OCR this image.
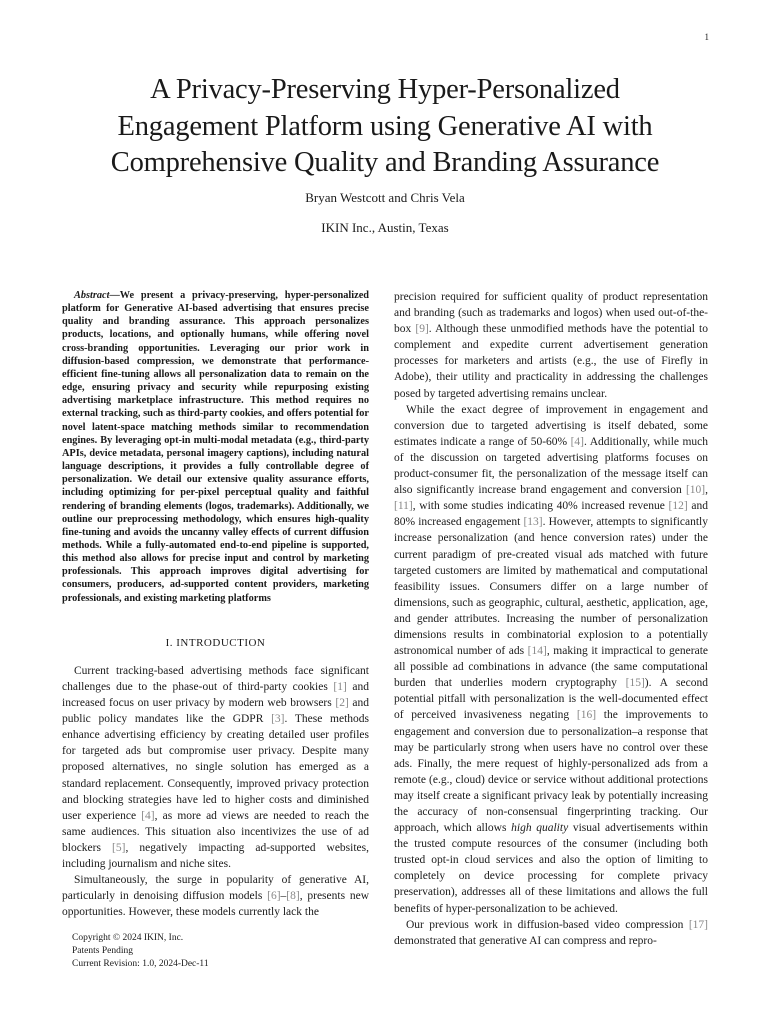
1
A Privacy-Preserving Hyper-Personalized
Engagement Platform using Generative AI with
Comprehensive Quality and Branding Assurance
Bryan Westcott and Chris Vela
IKIN Inc., Austin, Texas

Abstract—We present a privacy-preserving, hyper-personalized platform for Generative AI-based advertising that ensures precise quality and branding assurance. This approach personalizes products, locations, and optionally humans, while offering novel cross-branding opportunities. Leveraging our prior work in diffusion-based compression, we demonstrate that performance-efficient fine-tuning allows all personalization data to remain on the edge, ensuring privacy and security while repurposing existing advertising marketplace infrastructure. This method requires no external tracking, such as third-party cookies, and offers potential for novel latent-space matching methods similar to recommendation engines. By leveraging opt-in multi-modal metadata (e.g., third-party APIs, device metadata, personal imagery captions), including natural language descriptions, it provides a fully controllable degree of personalization. We detail our extensive quality assurance efforts, including optimizing for per-pixel perceptual quality and faithful rendering of branding elements (logos, trademarks). Additionally, we outline our preprocessing methodology, which ensures high-quality fine-tuning and avoids the uncanny valley effects of current diffusion methods. While a fully-automated end-to-end pipeline is supported, this method also allows for precise input and control by marketing professionals. This approach improves digital advertising for consumers, producers, ad-supported content providers, marketing professionals, and existing marketing platforms

I. INTRODUCTION

Current tracking-based advertising methods face significant challenges due to the phase-out of third-party cookies [1] and increased focus on user privacy by modern web browsers [2] and public policy mandates like the GDPR [3]. These methods enhance advertising efficiency by creating detailed user profiles for targeted ads but compromise user privacy. Despite many proposed alternatives, no single solution has emerged as a standard replacement. Consequently, improved privacy protection and blocking strategies have led to higher costs and diminished user experience [4], as more ad views are needed to reach the same audiences. This situation also incentivizes the use of ad blockers [5], negatively impacting ad-supported websites, including journalism and niche sites.

Simultaneously, the surge in popularity of generative AI, particularly in denoising diffusion models [6]–[8], presents new opportunities. However, these models currently lack the

precision required for sufficient quality of product representation and branding (such as trademarks and logos) when used out-of-the-box [9]. Although these unmodified methods have the potential to complement and expedite current advertisement generation processes for marketers and artists (e.g., the use of Firefly in Adobe), their utility and practicality in addressing the challenges posed by targeted advertising remains unclear.

While the exact degree of improvement in engagement and conversion due to targeted advertising is itself debated, some estimates indicate a range of 50-60% [4]. Additionally, while much of the discussion on targeted advertising platforms focuses on product-consumer fit, the personalization of the message itself can also significantly increase brand engagement and conversion [10], [11], with some studies indicating 40% increased revenue [12] and 80% increased engagement [13]. However, attempts to significantly increase personalization (and hence conversion rates) under the current paradigm of pre-created visual ads matched with future targeted customers are limited by mathematical and computational feasibility issues. Consumers differ on a large number of dimensions, such as geographic, cultural, aesthetic, application, age, and gender attributes. Increasing the number of personalization dimensions results in combinatorial explosion to a potentially astronomical number of ads [14], making it impractical to generate all possible ad combinations in advance (the same computational burden that underlies modern cryptography [15]). A second potential pitfall with personalization is the well-documented effect of perceived invasiveness negating [16] the improvements to engagement and conversion due to personalization–a response that may be particularly strong when users have no control over these ads. Finally, the mere request of highly-personalized ads from a remote (e.g., cloud) device or service without additional protections may itself create a significant privacy leak by potentially increasing the accuracy of non-consensual fingerprinting tracking. Our approach, which allows high quality visual advertisements within the trusted compute resources of the consumer (including both trusted opt-in cloud services and also the option of limiting to completely on device processing for complete privacy preservation), addresses all of these limitations and allows the full benefits of hyper-personalization to be achieved.

Our previous work in diffusion-based video compression [17] demonstrated that generative AI can compress and repro-

Copyright © 2024 IKIN, Inc.
Patents Pending
Current Revision: 1.0, 2024-Dec-11
